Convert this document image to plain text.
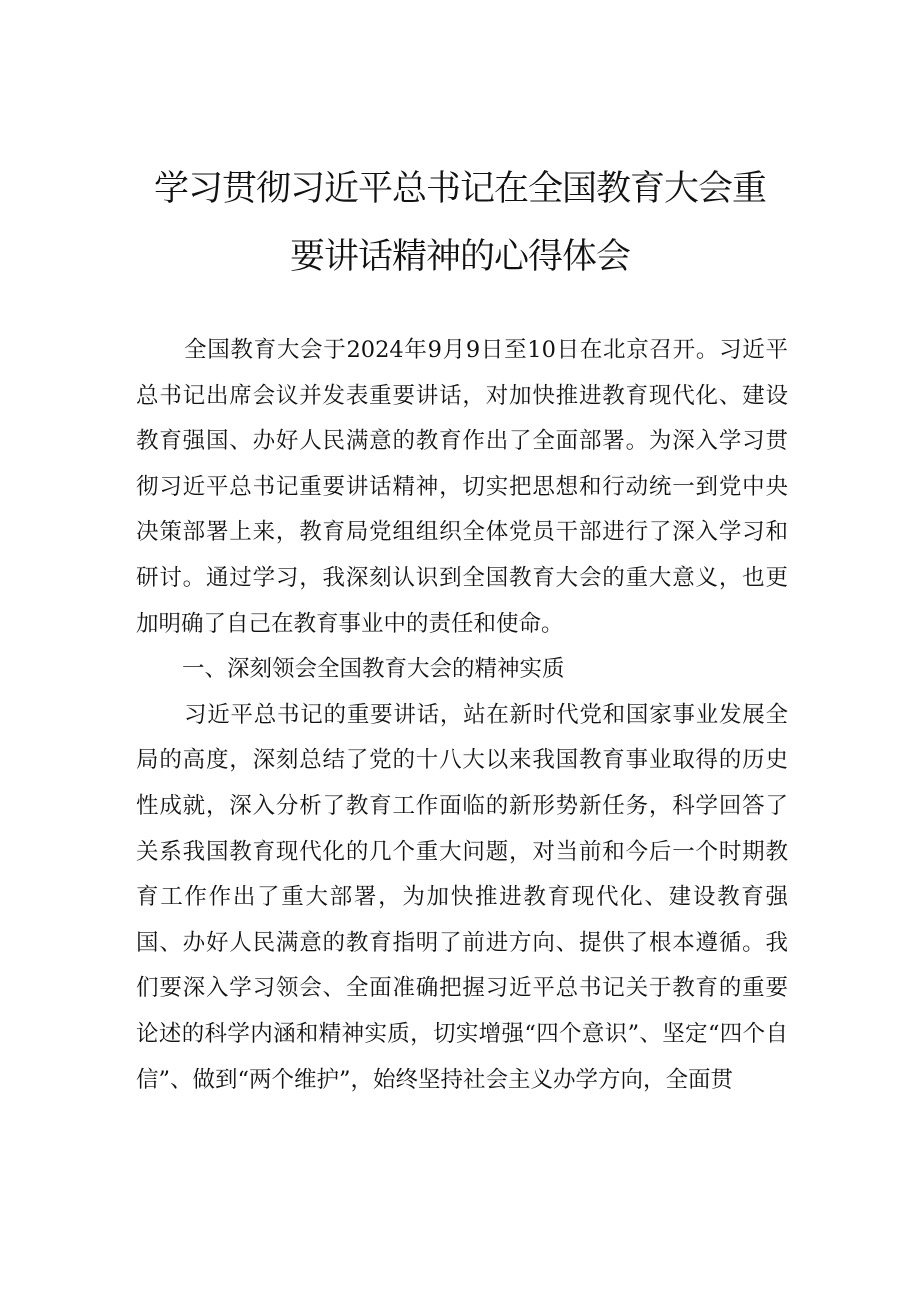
学习贯彻习近平总书记在全国教育大会重
要讲话精神的心得体会

全国教育大会于2024年9月9日至10日在北京召开。习近平总书记出席会议并发表重要讲话，对加快推进教育现代化、建设教育强国、办好人民满意的教育作出了全面部署。为深入学习贯彻习近平总书记重要讲话精神，切实把思想和行动统一到党中央决策部署上来，教育局党组组织全体党员干部进行了深入学习和研讨。通过学习，我深刻认识到全国教育大会的重大意义，也更加明确了自己在教育事业中的责任和使命。

一、深刻领会全国教育大会的精神实质

习近平总书记的重要讲话，站在新时代党和国家事业发展全局的高度，深刻总结了党的十八大以来我国教育事业取得的历史性成就，深入分析了教育工作面临的新形势新任务，科学回答了关系我国教育现代化的几个重大问题，对当前和今后一个时期教育工作作出了重大部署，为加快推进教育现代化、建设教育强国、办好人民满意的教育指明了前进方向、提供了根本遵循。我们要深入学习领会、全面准确把握习近平总书记关于教育的重要论述的科学内涵和精神实质，切实增强“四个意识”、坚定“四个自信”、做到“两个维护”，始终坚持社会主义办学方向，全面贯
